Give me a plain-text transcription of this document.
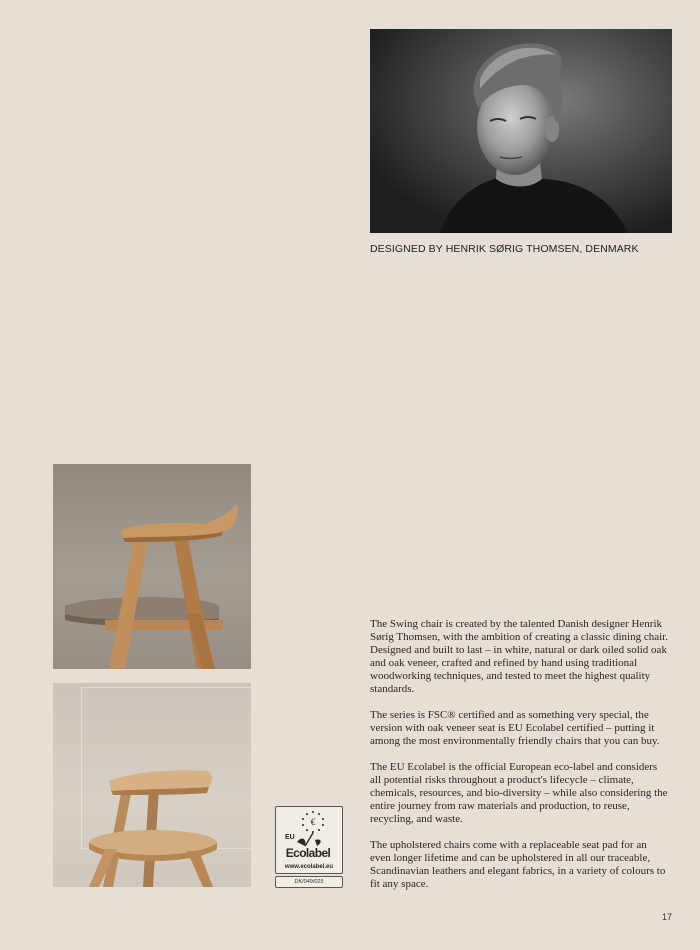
DESIGNED BY HENRIK SØRIG THOMSEN, DENMARK
€
EU
Ecolabel
www.ecolabel.eu
DK/049/025

The Swing chair is created by the talented Danish designer Henrik Sørig Thomsen, with the ambition of creating a classic dining chair. Designed and built to last – in white, natural or dark oiled solid oak and oak veneer, crafted and refined by hand using traditional woodworking techniques, and tested to meet the highest quality standards.

The series is FSC® certified and as something very special, the version with oak veneer seat is EU Ecolabel certified – putting it among the most environmentally friendly chairs that you can buy.

The EU Ecolabel is the official European eco-label and considers all potential risks throughout a product's lifecycle – climate, chemicals, resources, and bio-diversity – while also considering the entire journey from raw materials and production, to reuse, recycling, and waste.

The upholstered chairs come with a replaceable seat pad for an even longer lifetime and can be upholstered in all our traceable, Scandinavian leathers and elegant fabrics, in a variety of colours to fit any space.

17
